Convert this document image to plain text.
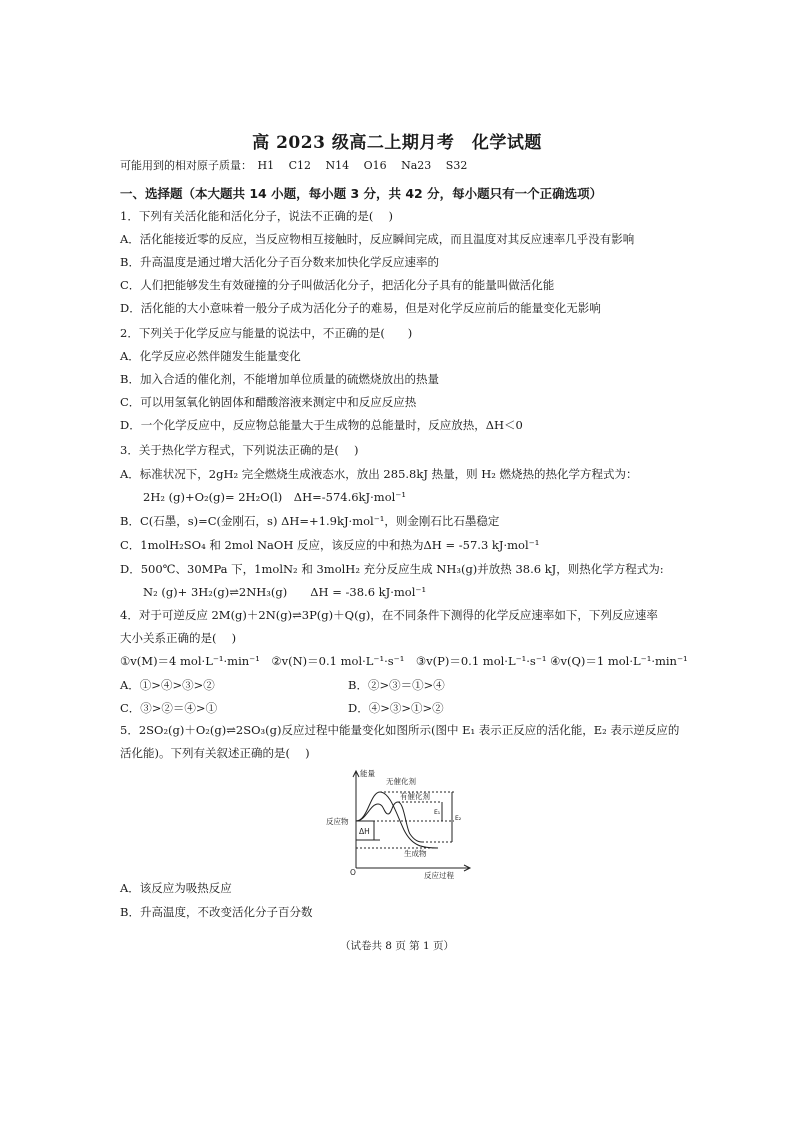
高 2023 级高二上期月考　化学试题
可能用到的相对原子质量：　H1　 C12　 N14　 O16　 Na23　 S32
一、选择题（本大题共 14 小题，每小题 3 分，共 42 分，每小题只有一个正确选项）
1．下列有关活化能和活化分子，说法不正确的是(　 )
A．活化能接近零的反应，当反应物相互接触时，反应瞬间完成，而且温度对其反应速率几乎没有影响
B．升高温度是通过增大活化分子百分数来加快化学反应速率的
C．人们把能够发生有效碰撞的分子叫做活化分子，把活化分子具有的能量叫做活化能
D．活化能的大小意味着一般分子成为活化分子的难易，但是对化学反应前后的能量变化无影响
2．下列关于化学反应与能量的说法中，不正确的是(　　)
A．化学反应必然伴随发生能量变化
B．加入合适的催化剂，不能增加单位质量的硫燃烧放出的热量
C．可以用氢氧化钠固体和醋酸溶液来测定中和反应反应热
D．一个化学反应中，反应物总能量大于生成物的总能量时，反应放热，ΔH＜0
3．关于热化学方程式，下列说法正确的是(　 )
A．标准状况下，2gH₂ 完全燃烧生成液态水，放出 285.8kJ 热量，则 H₂ 燃烧热的热化学方程式为：
2H₂ (g)+O₂(g)= 2H₂O(l)　ΔH=-574.6kJ·mol⁻¹
B．C(石墨，s)=C(金刚石，s) ΔH=+1.9kJ·mol⁻¹，则金刚石比石墨稳定
C．1molH₂SO₄ 和 2mol NaOH 反应，该反应的中和热为ΔH = -57.3 kJ·mol⁻¹
D．500℃、30MPa 下，1molN₂ 和 3molH₂ 充分反应生成 NH₃(g)并放热 38.6 kJ，则热化学方程式为:
N₂ (g)+ 3H₂(g)⇌2NH₃(g)　　ΔH = -38.6 kJ·mol⁻¹
4．对于可逆反应 2M(g)＋2N(g)⇌3P(g)＋Q(g)，在不同条件下测得的化学反应速率如下，下列反应速率
大小关系正确的是(　 )
①v(M)＝4 mol·L⁻¹·min⁻¹　②v(N)＝0.1 mol·L⁻¹·s⁻¹　③v(P)＝0.1 mol·L⁻¹·s⁻¹ ④v(Q)＝1 mol·L⁻¹·min⁻¹
A．①>④>③>②	B．②>③＝①>④
C．③>②＝④>①	D．④>③>①>②
5．2SO₂(g)＋O₂(g)⇌2SO₃(g)反应过程中能量变化如图所示(图中 E₁ 表示正反应的活化能，E₂ 表示逆反应的
活化能)。下列有关叙述正确的是(　 )
能量
无催化剂
有催化剂
反应物
ΔH
E₁
E₂
生成物
O	反应过程
A．该反应为吸热反应
B．升高温度，不改变活化分子百分数
（试卷共 8 页 第 1 页）
